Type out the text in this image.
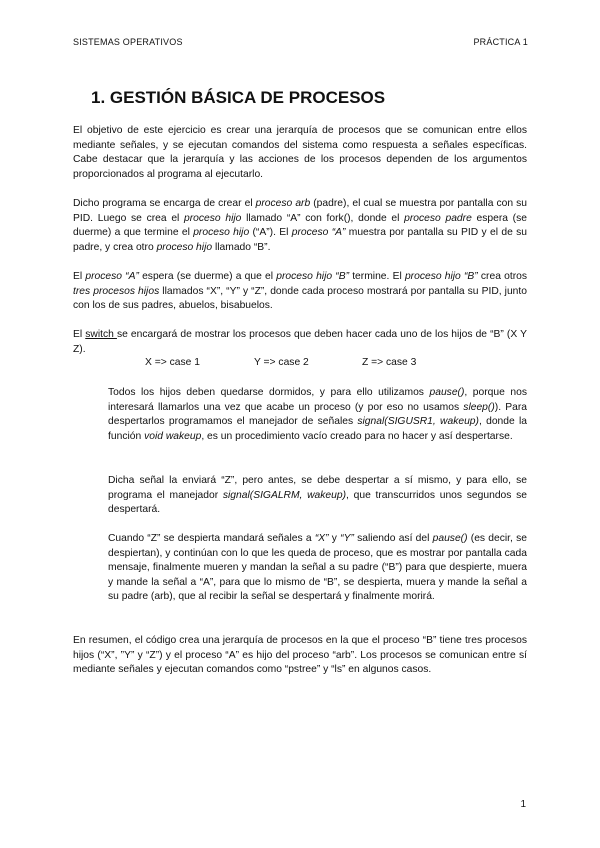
SISTEMAS OPERATIVOS	PRÁCTICA 1
1. GESTIÓN BÁSICA DE PROCESOS

El objetivo de este ejercicio es crear una jerarquía de procesos que se comunican entre ellos mediante señales, y se ejecutan comandos del sistema como respuesta a señales específicas. Cabe destacar que la jerarquía y las acciones de los procesos dependen de los argumentos proporcionados al programa al ejecutarlo.

Dicho programa se encarga de crear el proceso arb (padre), el cual se muestra por pantalla con su PID. Luego se crea el proceso hijo llamado “A” con fork(), donde el proceso padre espera (se duerme) a que termine el proceso hijo (“A”). El proceso “A” muestra por pantalla su PID y el de su padre, y crea otro proceso hijo llamado “B”.

El proceso “A” espera (se duerme) a que el proceso hijo “B” termine. El proceso hijo “B” crea otros tres procesos hijos llamados “X”, “Y” y “Z”, donde cada proceso mostrará por pantalla su PID, junto con los de sus padres, abuelos, bisabuelos.

El switch se encargará de mostrar los procesos que deben hacer cada uno de los hijos de “B” (X Y Z).

X => case 1	Y => case 2	Z => case 3

Todos los hijos deben quedarse dormidos, y para ello utilizamos pause(), porque nos interesará llamarlos una vez que acabe un proceso (y por eso no usamos sleep()). Para despertarlos programamos el manejador de señales signal(SIGUSR1, wakeup), donde la función void wakeup, es un procedimiento vacío creado para no hacer y así despertarse.

Dicha señal la enviará “Z”, pero antes, se debe despertar a sí mismo, y para ello, se programa el manejador signal(SIGALRM, wakeup), que transcurridos unos segundos se despertará.

Cuando “Z” se despierta mandará señales a “X” y “Y” saliendo así del pause() (es decir, se despiertan), y continúan con lo que les queda de proceso, que es mostrar por pantalla cada mensaje, finalmente mueren y mandan la señal a su padre (“B”) para que despierte, muera y mande la señal a “A”, para que lo mismo de “B”, se despierta, muera y mande la señal a su padre (arb), que al recibir la señal se despertará y finalmente morirá.

En resumen, el código crea una jerarquía de procesos en la que el proceso “B” tiene tres procesos hijos (“X”, ”Y” y “Z”) y el proceso “A” es hijo del proceso “arb”. Los procesos se comunican entre sí mediante señales y ejecutan comandos como “pstree” y “ls” en algunos casos.

1
